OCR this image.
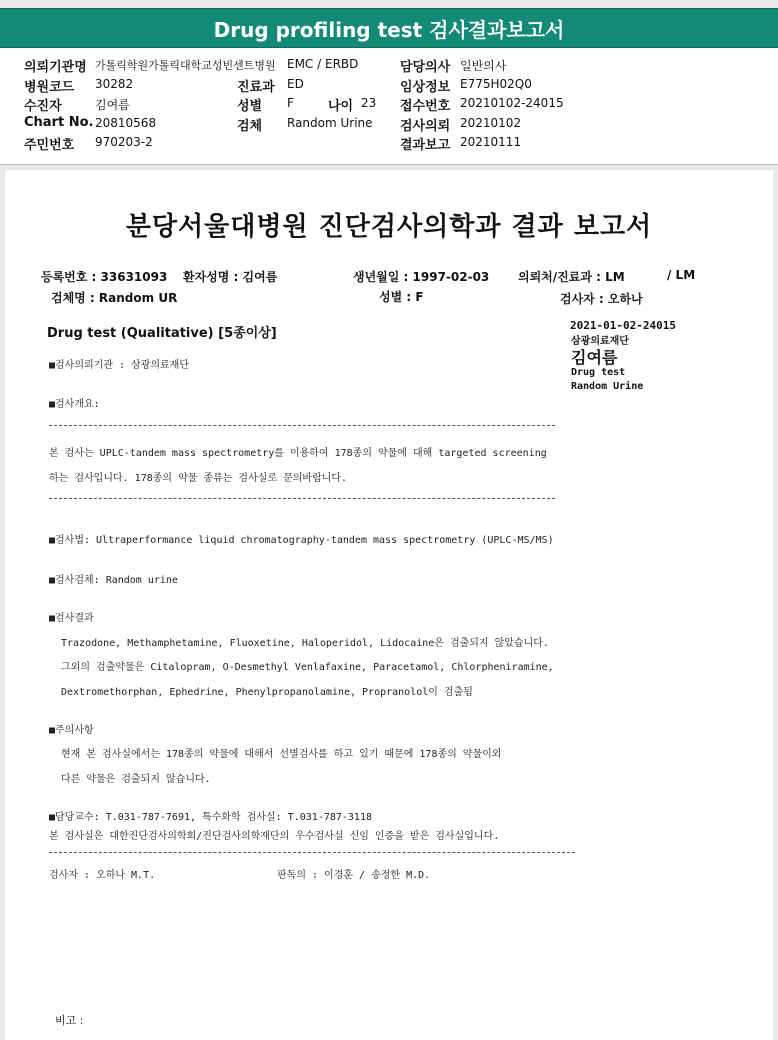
Drug profiling test 검사결과보고서
의뢰기관명 가톨릭학원가톨릭대학교성빈센트병원 EMC / ERBD	담당의사 일반의사
병원코드 30282	진료과 ED	임상정보 E775H02Q0
수진자	김여름	성별 F	나이 23 접수번호 20210102-24015
Chart No. 20810568	검체 Random Urine 검사의뢰 20210102
주민번호 970203-2	결과보고 20210111
분당서울대병원 진단검사의학과 결과 보고서
등록번호 : 33631093 환자성명 : 김여름	생년월일 : 1997-02-03 의뢰처/진료과 : LM	/ LM
검체명 : Random UR	성별 : F	검사자 : 오하나
Drug test (Qualitative) [5종이상]
2021-01-02-24015
삼광의료재단
김여름
Drug test
Random Urine
■검사의뢰기관 : 삼광의료재단
■검사개요:
본 검사는 UPLC-tandem mass spectrometry를 이용하여 178종의 약물에 대해 targeted screening
하는 검사입니다. 178종의 약물 종류는 검사실로 문의바랍니다.
■검사법: Ultraperformance liquid chromatography-tandem mass spectrometry (UPLC-MS/MS)
■검사검체: Random urine
■검사결과
Trazodone, Methamphetamine, Fluoxetine, Haloperidol, Lidocaine은 검출되지 않았습니다.
그외의 검출약물은 Citalopram, O-Desmethyl Venlafaxine, Paracetamol, Chlorpheniramine,
Dextromethorphan, Ephedrine, Phenylpropanolamine, Propranolol이 검출됨
■주의사항
현재 본 검사실에서는 178종의 약물에 대해서 선별검사를 하고 있기 때문에 178종의 약물이외
다른 약물은 검출되지 않습니다.
■담당교수: T.031-787-7691, 특수화학 검사실: T.031-787-3118
본 검사실은 대한진단검사의학회/진단검사의학재단의 우수검사실 신임 인증을 받은 검사실입니다.
검사자 : 오하나 M.T.	판독의 : 이경훈 / 송정한 M.D.
비고 :
